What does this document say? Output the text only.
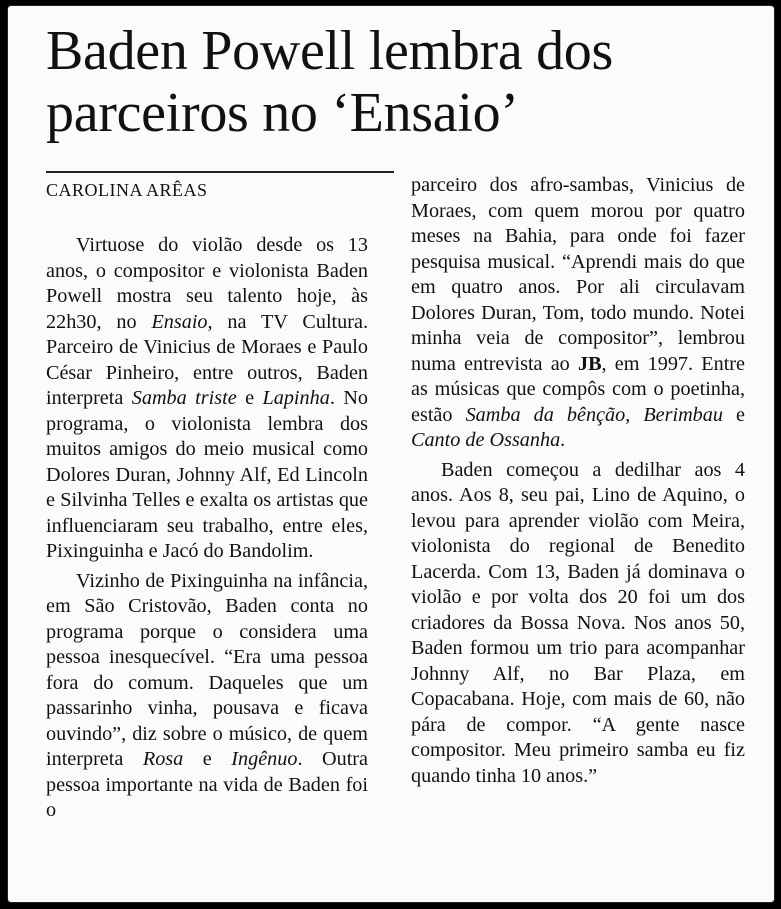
Baden Powell lembra dos
parceiros no ‘Ensaio’
CAROLINA ARÊAS

Virtuose do violão desde os 13 anos, o compositor e violonista Baden Powell mostra seu talento hoje, às 22h30, no Ensaio, na TV Cultura. Parceiro de Vinicius de Moraes e Paulo César Pinheiro, entre outros, Baden interpreta Samba triste e Lapinha. No programa, o violonista lembra dos muitos amigos do meio musical como Dolores Duran, Johnny Alf, Ed Lincoln e Silvinha Telles e exalta os artistas que influenciaram seu trabalho, entre eles, Pixinguinha e Jacó do Bandolim.

Vizinho de Pixinguinha na infância, em São Cristovão, Baden conta no programa porque o considera uma pessoa inesquecível. “Era uma pessoa fora do comum. Daqueles que um passarinho vinha, pousava e ficava ouvindo”, diz sobre o músico, de quem interpreta Rosa e Ingênuo. Outra pessoa importante na vida de Baden foi o

parceiro dos afro-sambas, Vinicius de Moraes, com quem morou por quatro meses na Bahia, para onde foi fazer pesquisa musical. “Aprendi mais do que em quatro anos. Por ali circulavam Dolores Duran, Tom, todo mundo. Notei minha veia de compositor”, lembrou numa entrevista ao JB, em 1997. Entre as músicas que compôs com o poetinha, estão Samba da bênção, Berimbau e Canto de Ossanha.

Baden começou a dedilhar aos 4 anos. Aos 8, seu pai, Lino de Aquino, o levou para aprender violão com Meira, violonista do regional de Benedito Lacerda. Com 13, Baden já dominava o violão e por volta dos 20 foi um dos criadores da Bossa Nova. Nos anos 50, Baden formou um trio para acompanhar Johnny Alf, no Bar Plaza, em Copacabana. Hoje, com mais de 60, não pára de compor. “A gente nasce compositor. Meu primeiro samba eu fiz quando tinha 10 anos.”
